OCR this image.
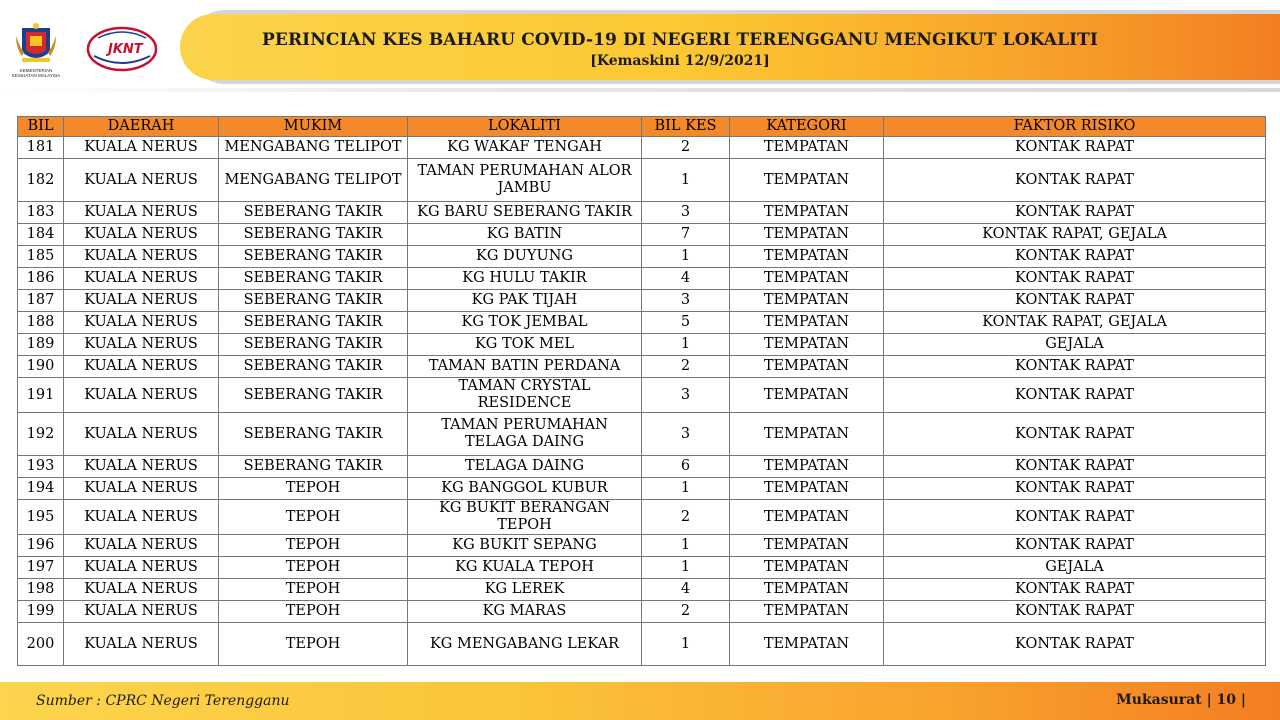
KEMENTERIAN KESIHATAN MALAYSIA
JKNT	PERINCIAN KES BAHARU COVID-19 DI NEGERI TERENGGANU MENGIKUT LOKALITI
[Kemaskini 12/9/2021]
BIL	DAERAH	MUKIM	LOKALITI	BIL KES	KATEGORI	FAKTOR RISIKO
181	KUALA NERUS	MENGABANG TELIPOT	KG WAKAF TENGAH	2	TEMPATAN	KONTAK RAPAT
182	KUALA NERUS	MENGABANG TELIPOT	TAMAN PERUMAHAN ALOR JAMBU	1	TEMPATAN	KONTAK RAPAT
183	KUALA NERUS	SEBERANG TAKIR	KG BARU SEBERANG TAKIR	3	TEMPATAN	KONTAK RAPAT
184	KUALA NERUS	SEBERANG TAKIR	KG BATIN	7	TEMPATAN	KONTAK RAPAT, GEJALA
185	KUALA NERUS	SEBERANG TAKIR	KG DUYUNG	1	TEMPATAN	KONTAK RAPAT
186	KUALA NERUS	SEBERANG TAKIR	KG HULU TAKIR	4	TEMPATAN	KONTAK RAPAT
187	KUALA NERUS	SEBERANG TAKIR	KG PAK TIJAH	3	TEMPATAN	KONTAK RAPAT
188	KUALA NERUS	SEBERANG TAKIR	KG TOK JEMBAL	5	TEMPATAN	KONTAK RAPAT, GEJALA
189	KUALA NERUS	SEBERANG TAKIR	KG TOK MEL	1	TEMPATAN	GEJALA
190	KUALA NERUS	SEBERANG TAKIR	TAMAN BATIN PERDANA	2	TEMPATAN	KONTAK RAPAT
191	KUALA NERUS	SEBERANG TAKIR	TAMAN CRYSTAL RESIDENCE	3	TEMPATAN	KONTAK RAPAT
192	KUALA NERUS	SEBERANG TAKIR	TAMAN PERUMAHAN TELAGA DAING	3	TEMPATAN	KONTAK RAPAT
193	KUALA NERUS	SEBERANG TAKIR	TELAGA DAING	6	TEMPATAN	KONTAK RAPAT
194	KUALA NERUS	TEPOH	KG BANGGOL KUBUR	1	TEMPATAN	KONTAK RAPAT
195	KUALA NERUS	TEPOH	KG BUKIT BERANGAN TEPOH	2	TEMPATAN	KONTAK RAPAT
196	KUALA NERUS	TEPOH	KG BUKIT SEPANG	1	TEMPATAN	KONTAK RAPAT
197	KUALA NERUS	TEPOH	KG KUALA TEPOH	1	TEMPATAN	GEJALA
198	KUALA NERUS	TEPOH	KG LEREK	4	TEMPATAN	KONTAK RAPAT
199	KUALA NERUS	TEPOH	KG MARAS	2	TEMPATAN	KONTAK RAPAT
200	KUALA NERUS	TEPOH	KG MENGABANG LEKAR	1	TEMPATAN	KONTAK RAPAT
Sumber : CPRC Negeri Terengganu	Mukasurat | 10 |
